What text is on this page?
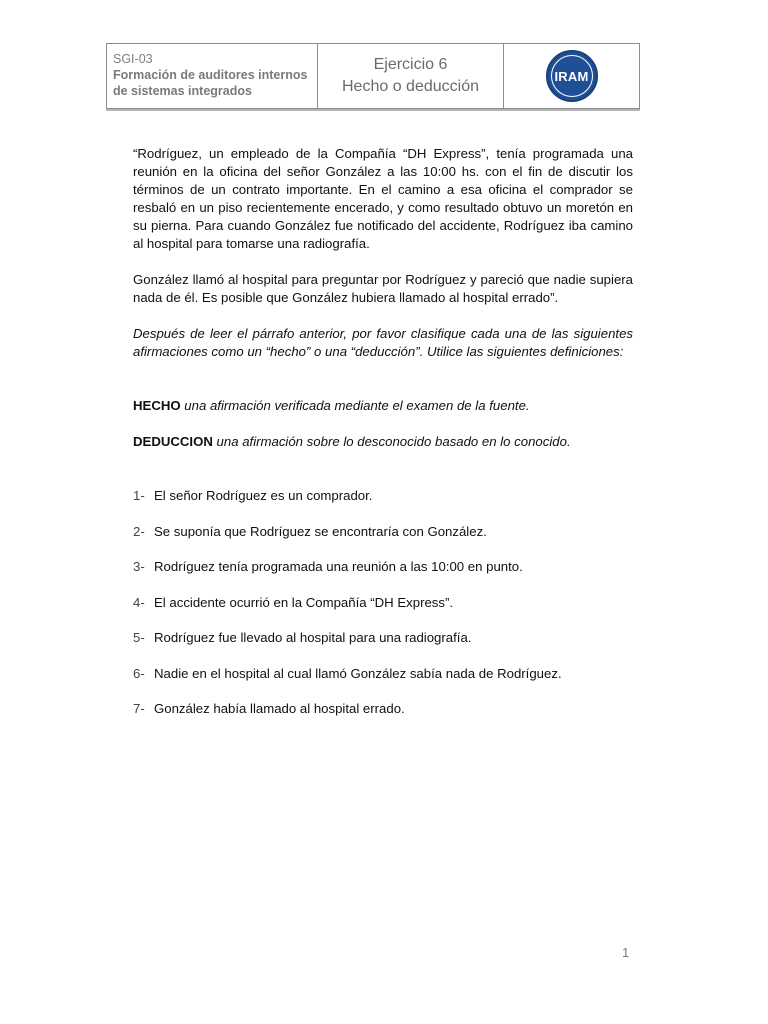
SGI-03
Formación de auditores internos
de sistemas integrados
Ejercicio 6
Hecho o deducción
IRAM

“Rodríguez, un empleado de la Compañía “DH Express”, tenía programada una reunión en la oficina del señor González a las 10:00 hs. con el fin de discutir los términos de un contrato importante. En el camino a esa oficina el comprador se resbaló en un piso recientemente encerado, y como resultado obtuvo un moretón en su pierna. Para cuando González fue notificado del accidente, Rodríguez iba camino al hospital para tomarse una radiografía.

González llamó al hospital para preguntar por Rodríguez y pareció que nadie supiera nada de él. Es posible que González hubiera llamado al hospital errado”.

Después de leer el párrafo anterior, por favor clasifique cada una de las siguientes afirmaciones como un “hecho” o una “deducción”. Utilice las siguientes definiciones:

HECHO una afirmación verificada mediante el examen de la fuente.

DEDUCCION una afirmación sobre lo desconocido basado en lo conocido.

1- El señor Rodríguez es un comprador.
2- Se suponía que Rodríguez se encontraría con González.
3- Rodríguez tenía programada una reunión a las 10:00 en punto.
4- El accidente ocurrió en la Compañía “DH Express”.
5- Rodríguez fue llevado al hospital para una radiografía.
6- Nadie en el hospital al cual llamó González sabía nada de Rodríguez.
7- González había llamado al hospital errado.
1
